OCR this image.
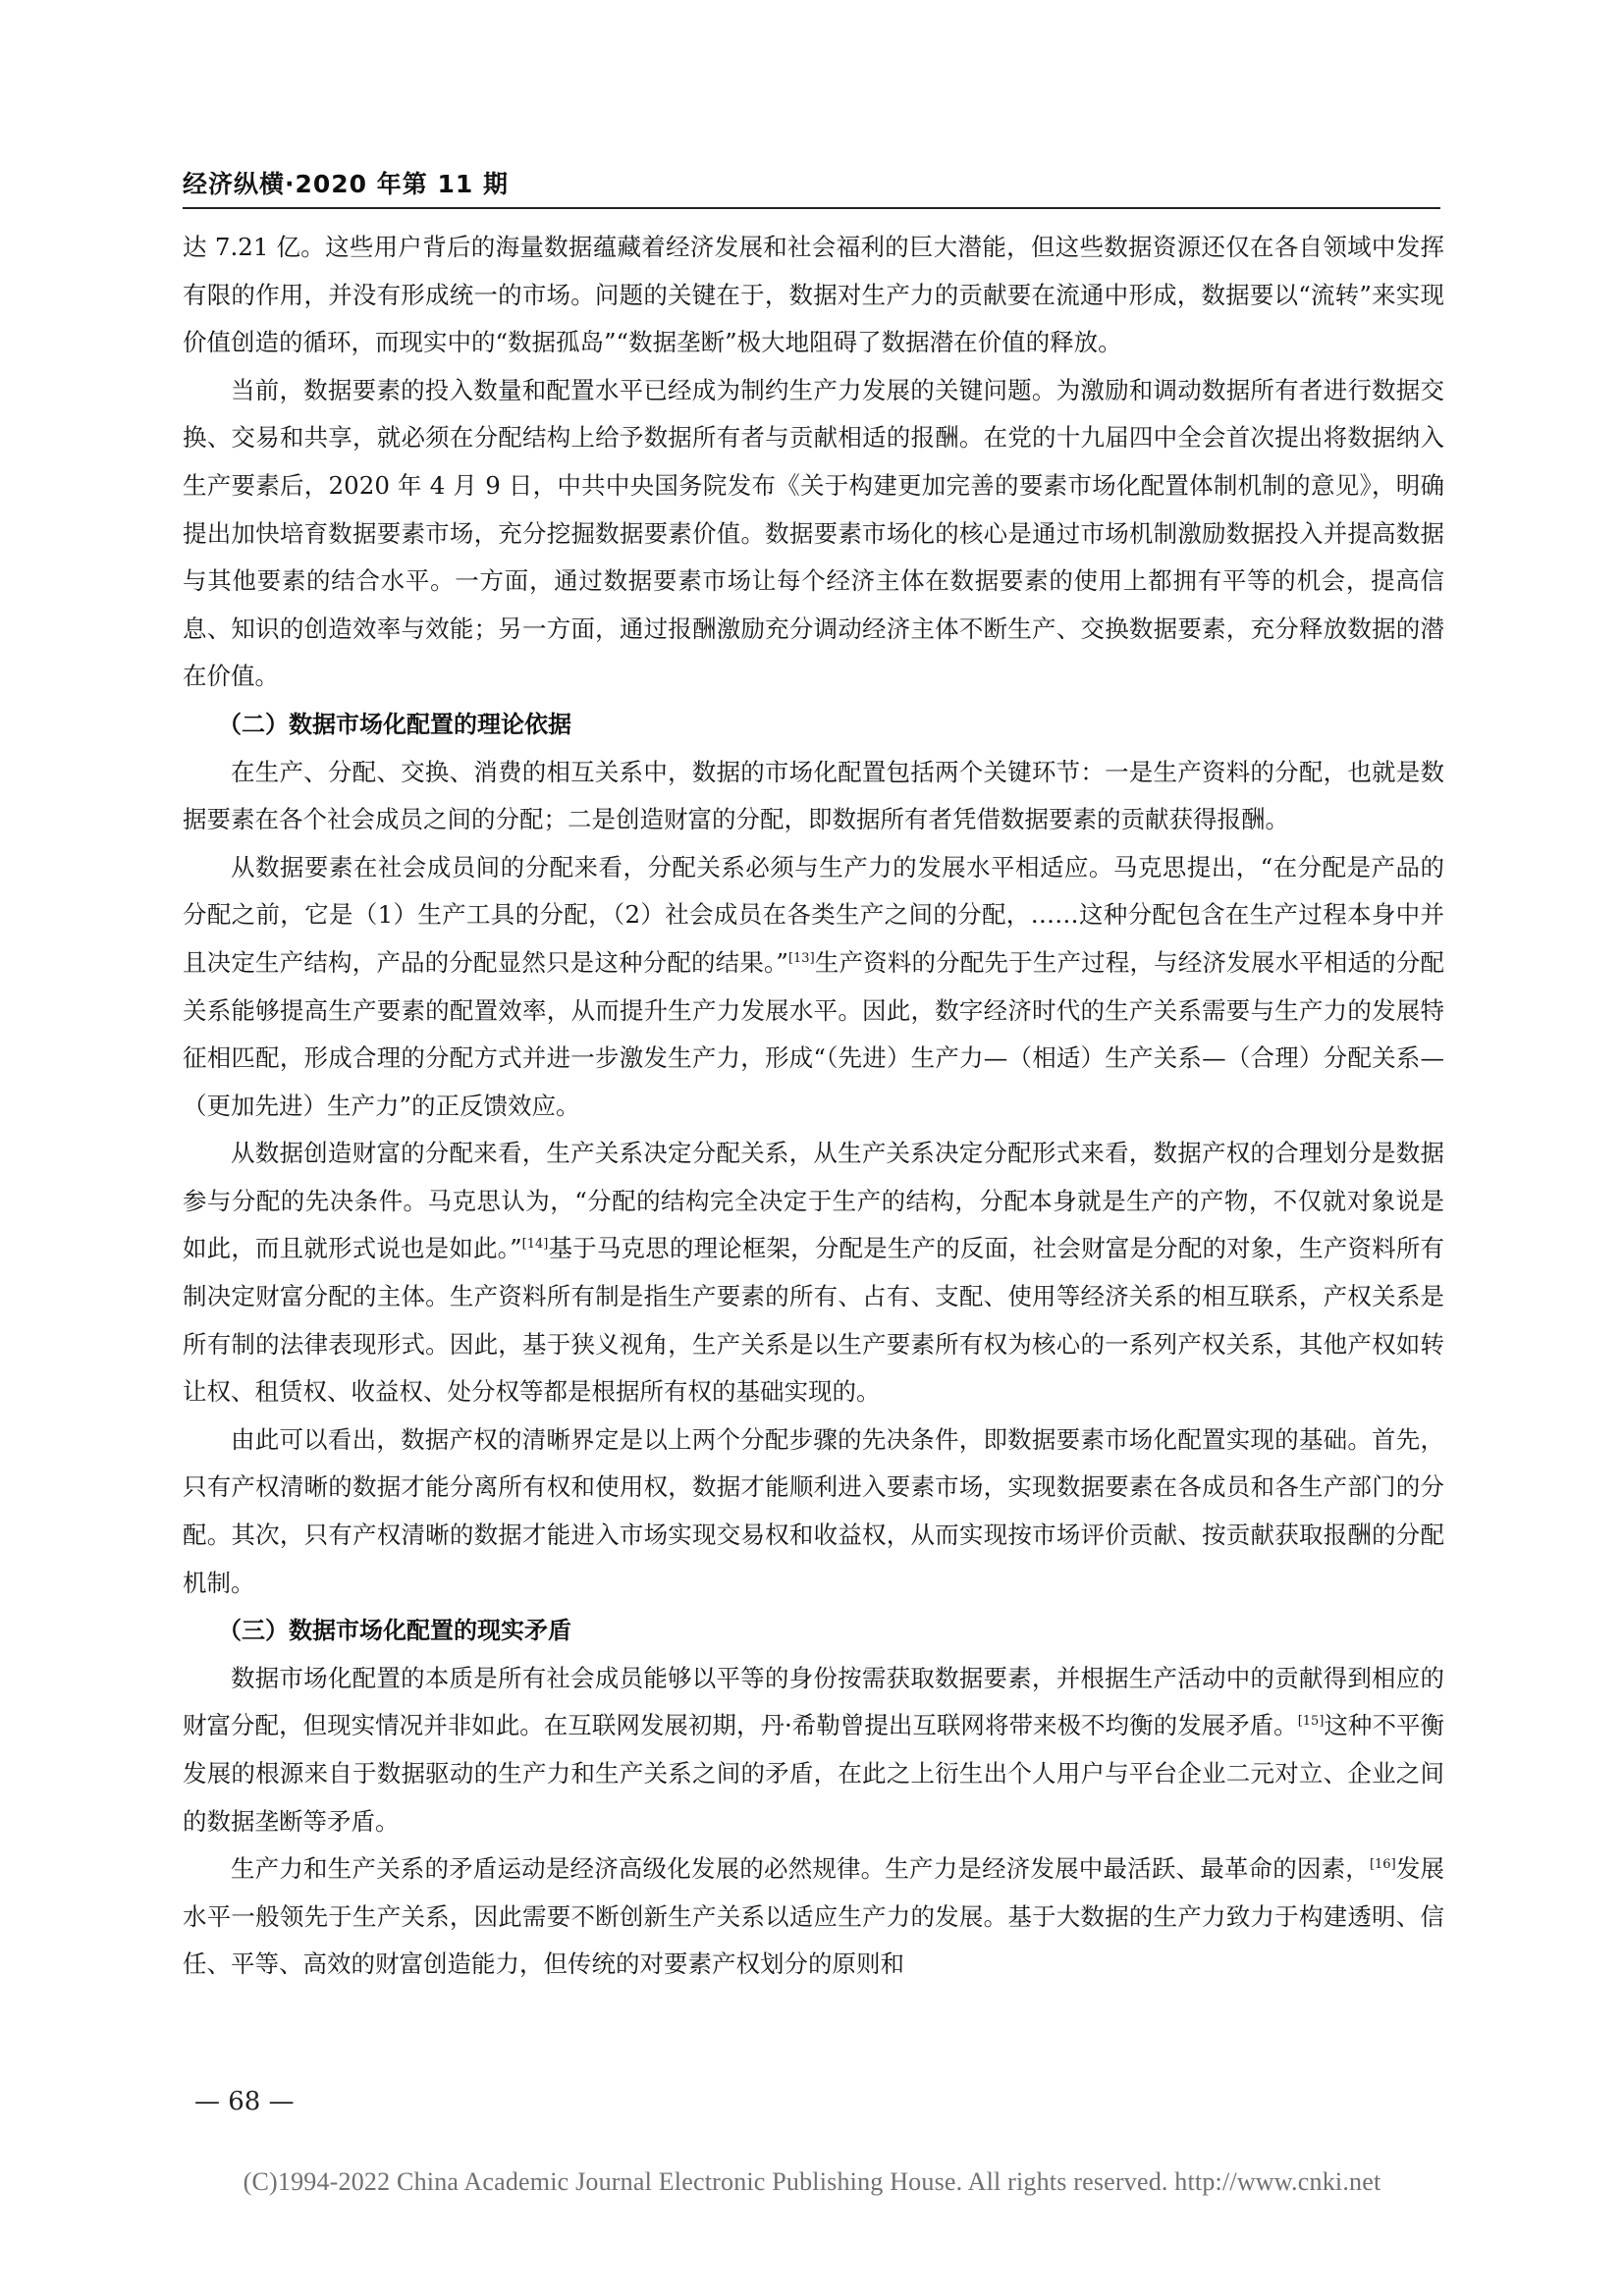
经济纵横·2020 年第 11 期

达 7.21 亿。这些用户背后的海量数据蕴藏着经济发展和社会福利的巨大潜能，但这些数据资源还仅在各自领域中发挥有限的作用，并没有形成统一的市场。问题的关键在于，数据对生产力的贡献要在流通中形成，数据要以“流转”来实现价值创造的循环，而现实中的“数据孤岛”“数据垄断”极大地阻碍了数据潜在价值的释放。

当前，数据要素的投入数量和配置水平已经成为制约生产力发展的关键问题。为激励和调动数据所有者进行数据交换、交易和共享，就必须在分配结构上给予数据所有者与贡献相适的报酬。在党的十九届四中全会首次提出将数据纳入生产要素后，2020 年 4 月 9 日，中共中央国务院发布《关于构建更加完善的要素市场化配置体制机制的意见》，明确提出加快培育数据要素市场，充分挖掘数据要素价值。数据要素市场化的核心是通过市场机制激励数据投入并提高数据与其他要素的结合水平。一方面，通过数据要素市场让每个经济主体在数据要素的使用上都拥有平等的机会，提高信息、知识的创造效率与效能；另一方面，通过报酬激励充分调动经济主体不断生产、交换数据要素，充分释放数据的潜在价值。

（二）数据市场化配置的理论依据

在生产、分配、交换、消费的相互关系中，数据的市场化配置包括两个关键环节：一是生产资料的分配，也就是数据要素在各个社会成员之间的分配；二是创造财富的分配，即数据所有者凭借数据要素的贡献获得报酬。

从数据要素在社会成员间的分配来看，分配关系必须与生产力的发展水平相适应。马克思提出，“在分配是产品的分配之前，它是（1）生产工具的分配，（2）社会成员在各类生产之间的分配，……这种分配包含在生产过程本身中并且决定生产结构，产品的分配显然只是这种分配的结果。”[13]生产资料的分配先于生产过程，与经济发展水平相适的分配关系能够提高生产要素的配置效率，从而提升生产力发展水平。因此，数字经济时代的生产关系需要与生产力的发展特征相匹配，形成合理的分配方式并进一步激发生产力，形成“（先进）生产力—（相适）生产关系—（合理）分配关系—（更加先进）生产力”的正反馈效应。

从数据创造财富的分配来看，生产关系决定分配关系，从生产关系决定分配形式来看，数据产权的合理划分是数据参与分配的先决条件。马克思认为，“分配的结构完全决定于生产的结构，分配本身就是生产的产物，不仅就对象说是如此，而且就形式说也是如此。”[14]基于马克思的理论框架，分配是生产的反面，社会财富是分配的对象，生产资料所有制决定财富分配的主体。生产资料所有制是指生产要素的所有、占有、支配、使用等经济关系的相互联系，产权关系是所有制的法律表现形式。因此，基于狭义视角，生产关系是以生产要素所有权为核心的一系列产权关系，其他产权如转让权、租赁权、收益权、处分权等都是根据所有权的基础实现的。

由此可以看出，数据产权的清晰界定是以上两个分配步骤的先决条件，即数据要素市场化配置实现的基础。首先，只有产权清晰的数据才能分离所有权和使用权，数据才能顺利进入要素市场，实现数据要素在各成员和各生产部门的分配。其次，只有产权清晰的数据才能进入市场实现交易权和收益权，从而实现按市场评价贡献、按贡献获取报酬的分配机制。

（三）数据市场化配置的现实矛盾

数据市场化配置的本质是所有社会成员能够以平等的身份按需获取数据要素，并根据生产活动中的贡献得到相应的财富分配，但现实情况并非如此。在互联网发展初期，丹·希勒曾提出互联网将带来极不均衡的发展矛盾。[15]这种不平衡发展的根源来自于数据驱动的生产力和生产关系之间的矛盾，在此之上衍生出个人用户与平台企业二元对立、企业之间的数据垄断等矛盾。

生产力和生产关系的矛盾运动是经济高级化发展的必然规律。生产力是经济发展中最活跃、最革命的因素，[16]发展水平一般领先于生产关系，因此需要不断创新生产关系以适应生产力的发展。基于大数据的生产力致力于构建透明、信任、平等、高效的财富创造能力，但传统的对要素产权划分的原则和

— 68 —
(C)1994-2022 China Academic Journal Electronic Publishing House. All rights reserved. http://www.cnki.net
